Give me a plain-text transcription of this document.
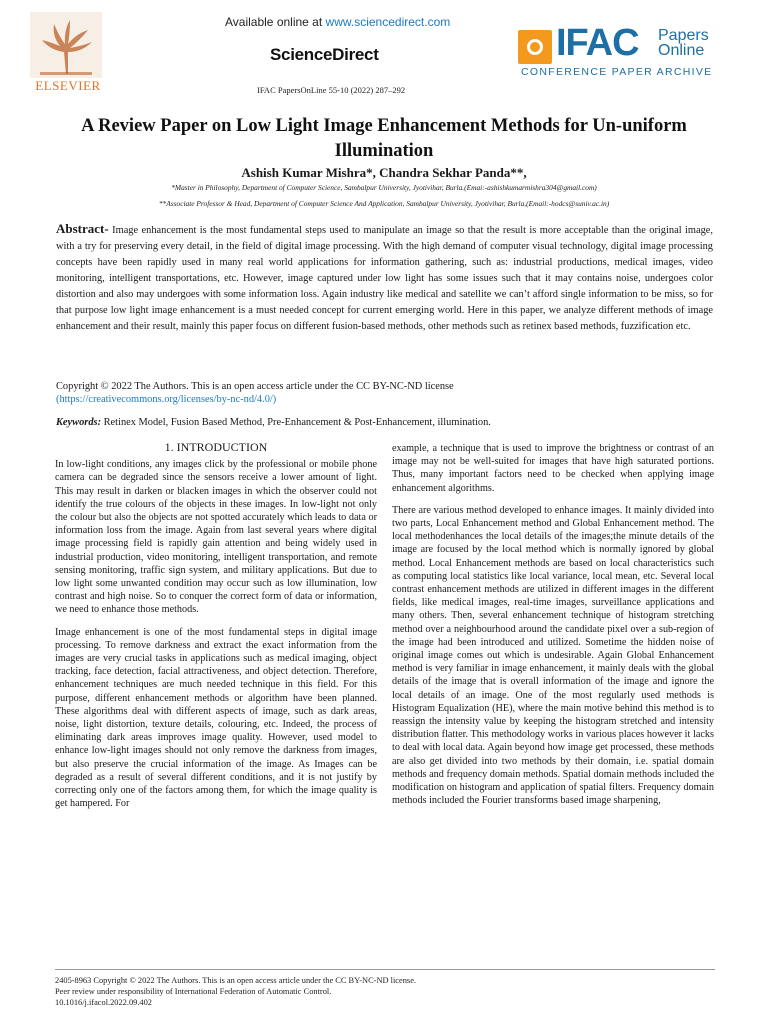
ELSEVIER
Available online at www.sciencedirect.com
ScienceDirect
IFAC PapersOnLine 55-10 (2022) 287–292
IFAC Papers
Online
CONFERENCE PAPER ARCHIVE
A Review Paper on Low Light Image Enhancement Methods for Un-uniform Illumination
Ashish Kumar Mishra*, Chandra Sekhar Panda**,
*Master in Philosophy, Department of Computer Science, Sambalpur University, Jyotivihar, Burla.(Emai:-ashishkumarmishra304@gmail.com)
**Associate Professor & Head, Department of Computer Science And Application, Sambalpur University, Jyotivihar, Burla,(Email:-hodcs@suniv.ac.in)
Abstract- Image enhancement is the most fundamental steps used to manipulate an image so that the result is more acceptable than the original image, with a try for preserving every detail, in the field of digital image processing. With the high demand of computer visual technology, digital image processing concepts have been rapidly used in many real world applications for information gathering, such as: industrial productions, medical images, video monitoring, intelligent transportations, etc. However, image captured under low light has some issues such that it may contains noise, undergoes color distortion and also may undergoes with some information loss. Again industry like medical and satellite we can’t afford single information to be miss, so for that purpose low light image enhancement is a must needed concept for current emerging world. Here in this paper, we analyze different methods of image enhancement and their result, mainly this paper focus on different fusion-based methods, other methods such as retinex based methods, fuzzification etc.
Copyright © 2022 The Authors. This is an open access article under the CC BY-NC-ND license
(https://creativecommons.org/licenses/by-nc-nd/4.0/)
Keywords: Retinex Model, Fusion Based Method, Pre-Enhancement & Post-Enhancement, illumination.
1. INTRODUCTION

In low-light conditions, any images click by the professional or mobile phone camera can be degraded since the sensors receive a lower amount of light. This may result in darken or blacken images in which the observer could not identify the true colours of the objects in these images. In low-light not only the colour but also the objects are not spotted accurately which leads to data or information loss from the image. Again from last several years where digital image processing field is rapidly gain attention and being widely used in industrial production, video monitoring, intelligent transportation, and remote sensing monitoring, traffic sign system, and military applications. But due to low light some unwanted condition may occur such as low illumination, low contrast and high noise. So to conquer the correct form of data or information, we need to enhance those methods.

Image enhancement is one of the most fundamental steps in digital image processing. To remove darkness and extract the exact information from the images are very crucial tasks in applications such as medical imaging, object tracking, face detection, facial attractiveness, and object detection. Therefore, enhancement techniques are much needed technique in this field. For this purpose, different enhancement methods or algorithm have been planned. These algorithms deal with different aspects of image, such as dark areas, noise, light distortion, texture details, colouring, etc. Indeed, the process of eliminating dark areas improves image quality. However, used model to enhance low-light images should not only remove the darkness from images, but also preserve the crucial information of the image. As Images can be degraded as a result of several different conditions, and it is not justify by correcting only one of the factors among them, for which the image quality is get hampered. For

example, a technique that is used to improve the brightness or contrast of an image may not be well-suited for images that have high saturated portions. Thus, many important factors need to be checked when applying image enhancement algorithms.

There are various method developed to enhance images. It mainly divided into two parts, Local Enhancement method and Global Enhancement method. The local methodenhances the local details of the images;the minute details of the image are focused by the local method which is normally ignored by global method. Local Enhancement methods are based on local characteristics such as computing local statistics like local variance, local mean, etc. Several local contrast enhancement methods are utilized in different images in the different fields, like medical images, real-time images, surveillance applications and many others. Then, several enhancement technique of histogram stretching method over a neighbourhood around the candidate pixel over a sub-region of the image had been introduced and utilized. Sometime the hidden noise of original image comes out which is undesirable. Again Global Enhancement method is very familiar in image enhancement, it mainly deals with the global details of the image that is overall information of the image and ignore the local details of an image. One of the most regularly used methods is Histogram Equalization (HE), where the main motive behind this method is to reassign the intensity value by keeping the histogram stretched and intensity distribution flatter. This methodology works in various places however it lacks to deal with local data. Again beyond how image get processed, these methods are also get divided into two methods by their domain, i.e. spatial domain methods and frequency domain methods. Spatial domain methods included the modification on histogram and application of spatial filters. Frequency domain methods included the Fourier transforms based image sharpening,

2405-8963 Copyright © 2022 The Authors. This is an open access article under the CC BY-NC-ND license.
Peer review under responsibility of International Federation of Automatic Control.
10.1016/j.ifacol.2022.09.402
